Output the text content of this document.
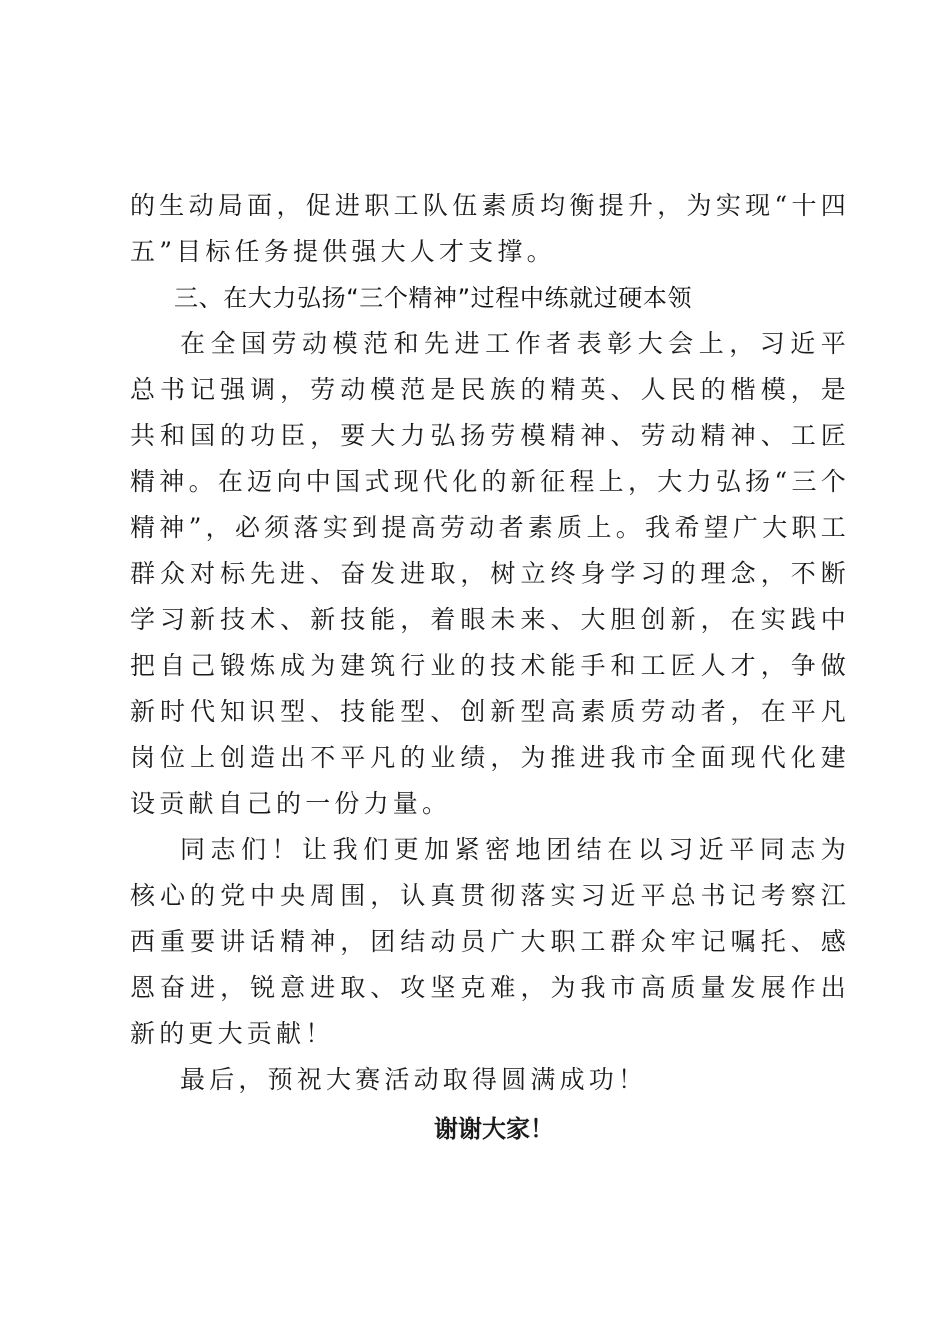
的生动局面，促进职工队伍素质均衡提升，为实现“十四五”目标任务提供强大人才支撑。

三、在大力弘扬“三个精神”过程中练就过硬本领

在全国劳动模范和先进工作者表彰大会上，习近平总书记强调，劳动模范是民族的精英、人民的楷模，是共和国的功臣，要大力弘扬劳模精神、劳动精神、工匠精神。在迈向中国式现代化的新征程上，大力弘扬“三个精神”，必须落实到提高劳动者素质上。我希望广大职工群众对标先进、奋发进取，树立终身学习的理念，不断学习新技术、新技能，着眼未来、大胆创新，在实践中把自己锻炼成为建筑行业的技术能手和工匠人才，争做新时代知识型、技能型、创新型高素质劳动者，在平凡岗位上创造出不平凡的业绩，为推进我市全面现代化建设贡献自己的一份力量。

同志们！让我们更加紧密地团结在以习近平同志为核心的党中央周围，认真贯彻落实习近平总书记考察江西重要讲话精神，团结动员广大职工群众牢记嘱托、感恩奋进，锐意进取、攻坚克难，为我市高质量发展作出新的更大贡献！

最后，预祝大赛活动取得圆满成功！

谢谢大家！
